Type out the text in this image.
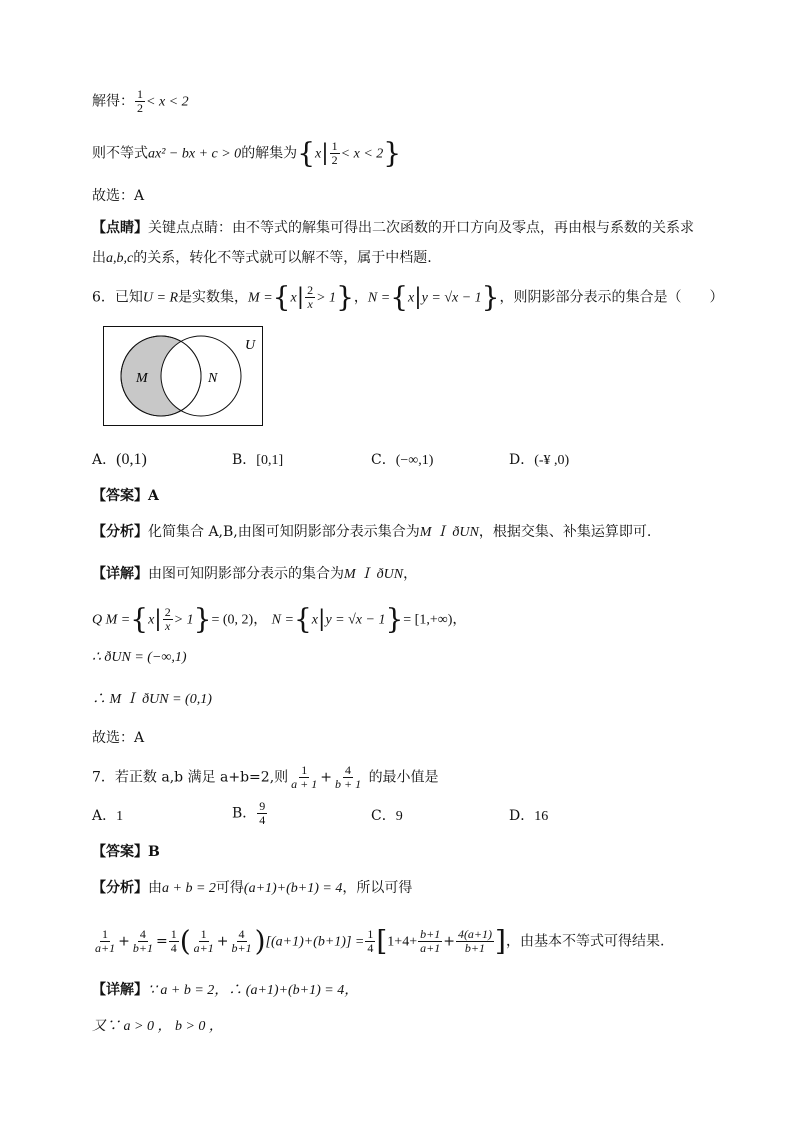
解得： $\frac{1}{2} < x < 2$
则不等式ax² − bx + c > 0的解集为$\{x| \frac{1}{2} < x < 2\}$
故选：A
【点睛】关键点点睛：由不等式的解集可得出二次函数的开口方向及零点，再由根与系数的关系求
出a,b,c的关系，转化不等式就可以解不等，属于中档题.
6．已知U = R是实数集，$M =\{x| \frac{2}{x} > 1\}$，N ={x|y = √x − 1}，则阴影部分表示的集合是（　　）
U
M	N
A．(0,1)	B．[0,1]	C．(−∞,1)	D．(-¥ ,0)
【答案】A
【分析】化简集合 A,B,由图可知阴影部分表示集合为M Ｉ ðUN，根据交集、补集运算即可.
【详解】由图可知阴影部分表示的集合为M Ｉ ðUN，
Q $M =\{x| \frac{2}{x} > 1\}= (0$, 2)， N ={x|y = √x − 1}= [1,+∞)，
∴ ðUN = (−∞,1)
∴ M Ｉ ðUN = (0,1)
故选：A
7．若正数 a,b 满足 a+b=2,则 $\frac{1}{a + 1} + \frac{4}{b + 1}$ 的最小值是
A．1	B． $\frac{9}{4}$	C．9	D．16
【答案】B
【分析】由a + b = 2可得(a+1)+(b+1) = 4，所以可得
$\frac{1}{a+1} + \frac{4}{b+1} = \frac{1}{4}$ ( $\frac{1}{a+1} + \frac{4}{b+1} )[(a+1)+(b+1)] = \frac{1}{4} [1+4+ \frac{b+1}{a+1} + \frac{4(a+1)}{b+1}$ ]，由基本不等式可得结果.
【详解】∵ a + b = 2，∴ (a+1)+(b+1) = 4，
又∵ a > 0 ， b > 0 ，
